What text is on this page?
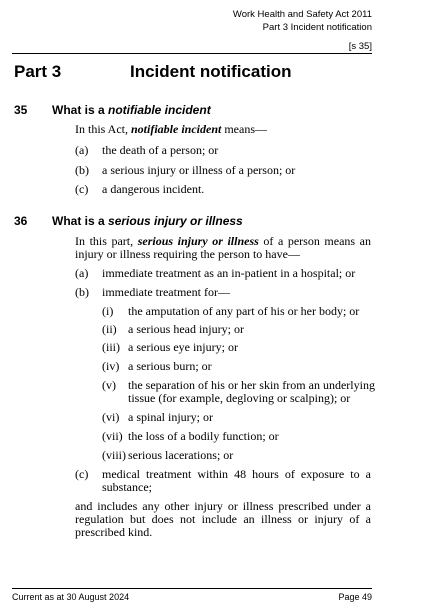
Work Health and Safety Act 2011
Part 3 Incident notification
[s 35]
Part 3	Incident notification
35 What is a notifiable incident
In this Act, notifiable incident means—
(a) the death of a person; or
(b) a serious injury or illness of a person; or
(c) a dangerous incident.
36 What is a serious injury or illness
In this part, serious injury or illness of a person means an
injury or illness requiring the person to have—
(a) immediate treatment as an in-patient in a hospital; or
(b) immediate treatment for—
(i) the amputation of any part of his or her body; or
(ii) a serious head injury; or
(iii) a serious eye injury; or
(iv) a serious burn; or
(v) the separation of his or her skin from an underlying
tissue (for example, degloving or scalping); or
(vi) a spinal injury; or
(vii) the loss of a bodily function; or
(viii) serious lacerations; or
(c) medical treatment within 48 hours of exposure to a
substance;
and includes any other injury or illness prescribed under a
regulation but does not include an illness or injury of a
prescribed kind.
Current as at 30 August 2024	Page 49
